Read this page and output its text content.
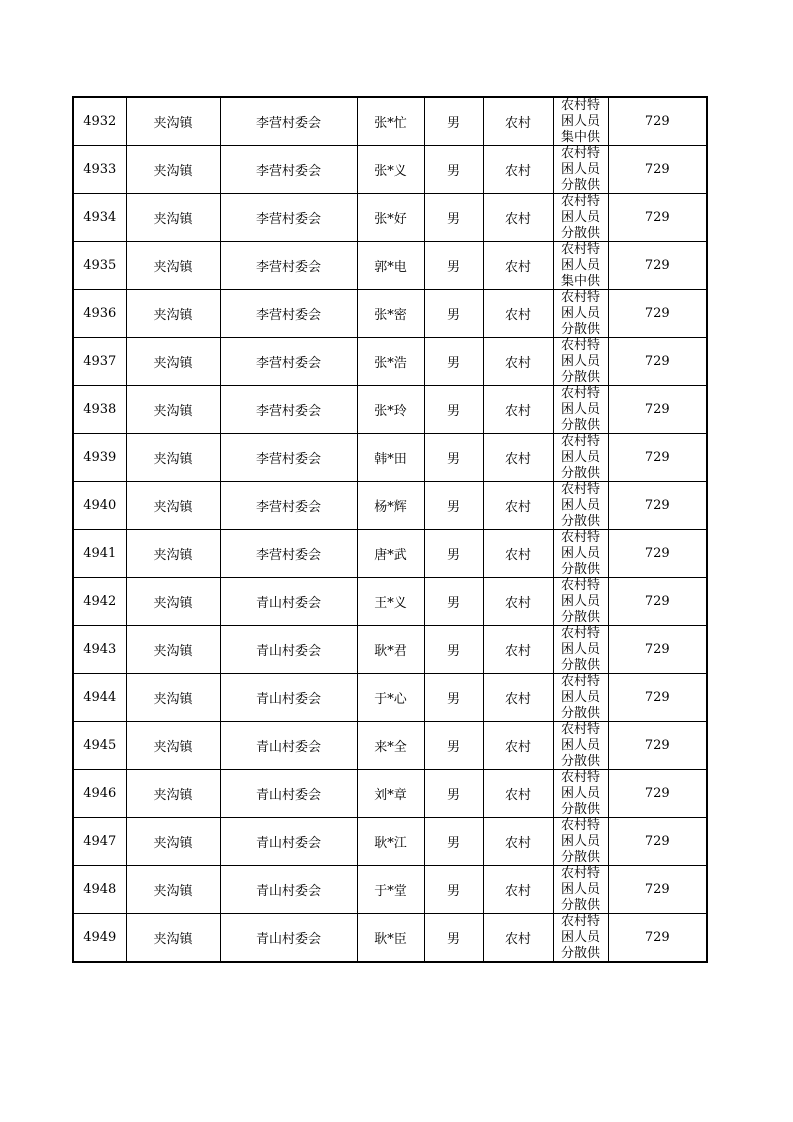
4932	夹沟镇	李营村委会	张*忙	男	农村	农村特困人员集中供	729
4933	夹沟镇	李营村委会	张*义	男	农村	农村特困人员分散供	729
4934	夹沟镇	李营村委会	张*好	男	农村	农村特困人员分散供	729
4935	夹沟镇	李营村委会	郭*电	男	农村	农村特困人员集中供	729
4936	夹沟镇	李营村委会	张*密	男	农村	农村特困人员分散供	729
4937	夹沟镇	李营村委会	张*浩	男	农村	农村特困人员分散供	729
4938	夹沟镇	李营村委会	张*玲	男	农村	农村特困人员分散供	729
4939	夹沟镇	李营村委会	韩*田	男	农村	农村特困人员分散供	729
4940	夹沟镇	李营村委会	杨*辉	男	农村	农村特困人员分散供	729
4941	夹沟镇	李营村委会	唐*武	男	农村	农村特困人员分散供	729
4942	夹沟镇	青山村委会	王*义	男	农村	农村特困人员分散供	729
4943	夹沟镇	青山村委会	耿*君	男	农村	农村特困人员分散供	729
4944	夹沟镇	青山村委会	于*心	男	农村	农村特困人员分散供	729
4945	夹沟镇	青山村委会	来*全	男	农村	农村特困人员分散供	729
4946	夹沟镇	青山村委会	刘*章	男	农村	农村特困人员分散供	729
4947	夹沟镇	青山村委会	耿*江	男	农村	农村特困人员分散供	729
4948	夹沟镇	青山村委会	于*堂	男	农村	农村特困人员分散供	729
4949	夹沟镇	青山村委会	耿*臣	男	农村	农村特困人员分散供	729
